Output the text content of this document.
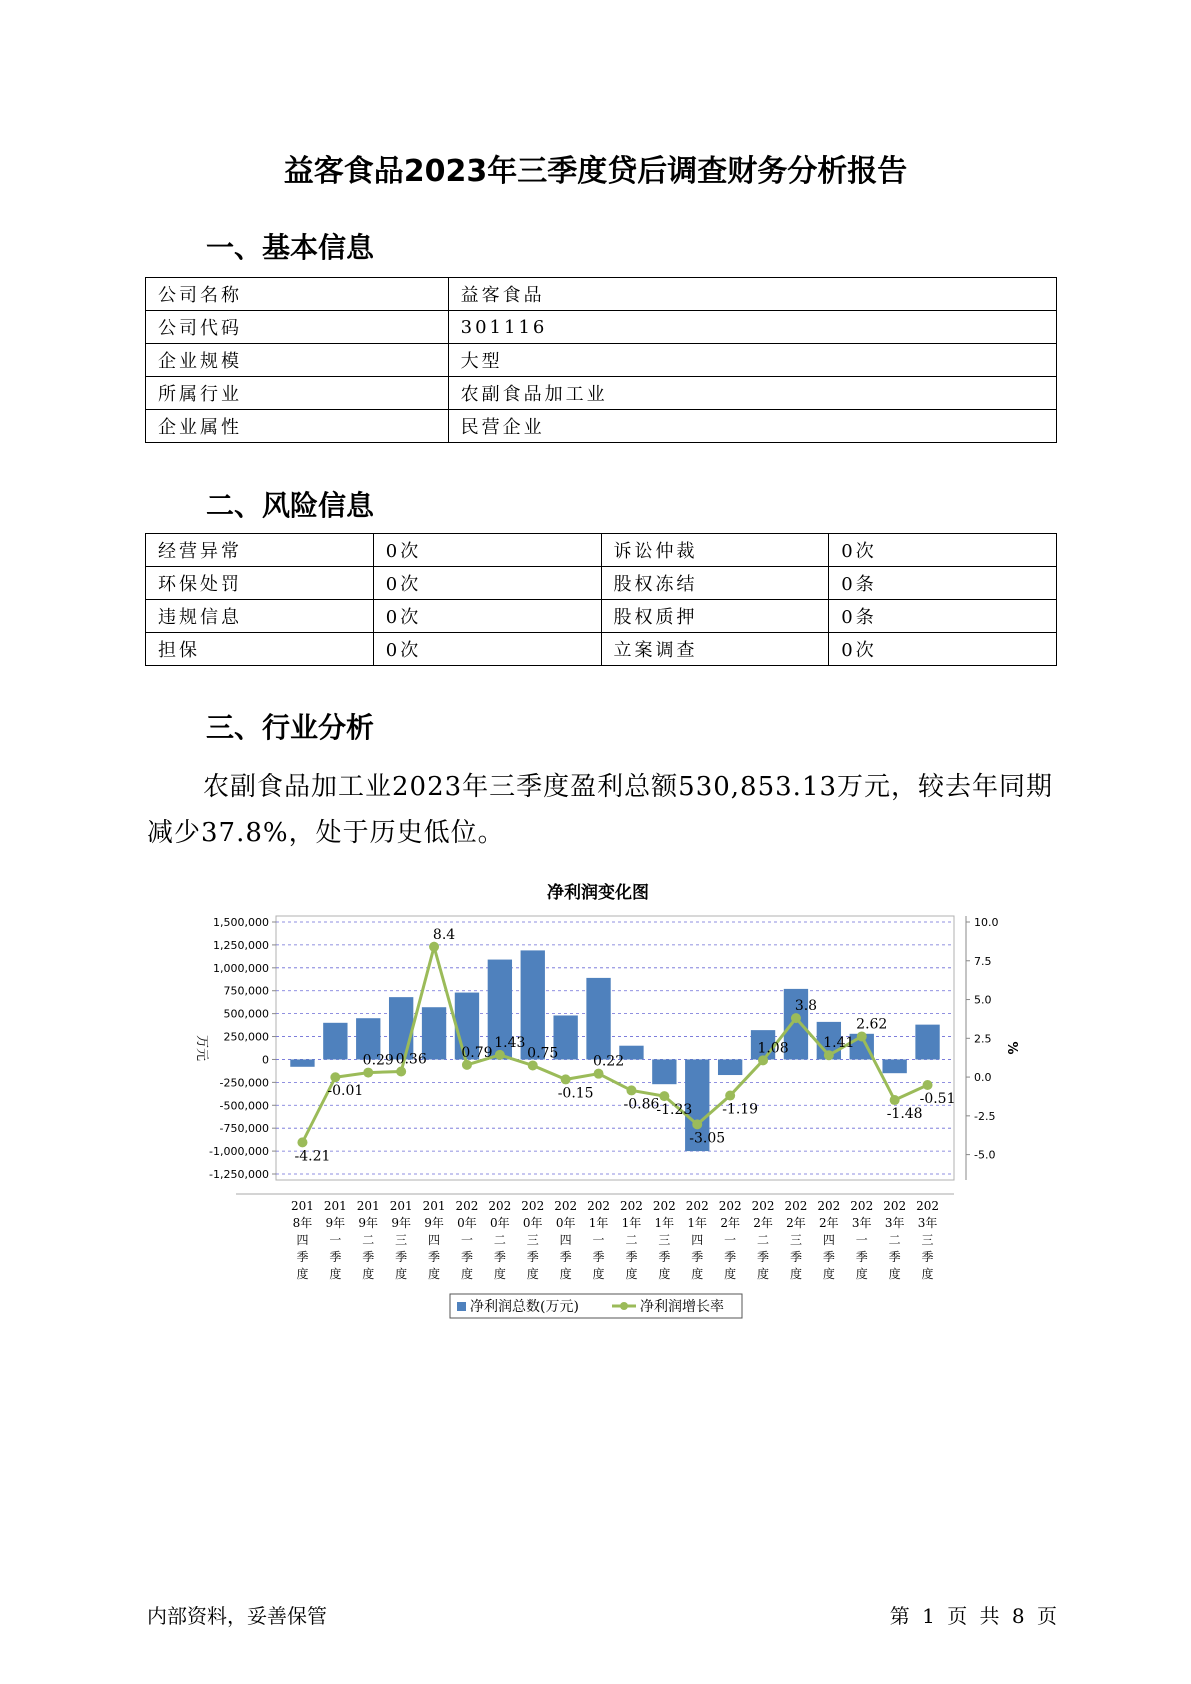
益客食品2023年三季度贷后调查财务分析报告
一、基本信息
公司名称	益客食品
公司代码	301116
企业规模	大型
所属行业	农副食品加工业
企业属性	民营企业
二、风险信息
经营异常	0次	诉讼仲裁	0次
环保处罚	0次	股权冻结	0条
违规信息	0次	股权质押	0条
担保	0次	立案调查	0次
三、行业分析

农副食品加工业2023年三季度盈利总额530,853.13万元，较去年同期减少37.8%，处于历史低位。

净利润变化图
1,500,000
1,250,000
1,000,000
750,000
500,000
250,000
0
-250,000
-500,000
-750,000
-1,000,000
-1,250,000
10.0
7.5
5.0
2.5
0.0
-2.5
-5.0
万元	%
-4.21
-0.01
0.29 0.36
8.4
0.79
1.43
0.75
-0.15
0.22
-0.86
-1.23
-3.05
-1.19
1.08
3.8
1.41
2.62
-1.48
-0.51
201 8年四季度
201 9年一季度
201 9年二季度
201 9年三季度
201 9年四季度
202 0年一季度
202 0年二季度
202 0年三季度
202 0年四季度
202 1年一季度
202 1年二季度
202 1年三季度
202 1年四季度
202 2年一季度
202 2年二季度
202 2年三季度
202 2年四季度
202 3年一季度
202 3年二季度
202 3年三季度
净利润总数(万元)	净利润增长率
内部资料，妥善保管	第 1 页 共 8 页
